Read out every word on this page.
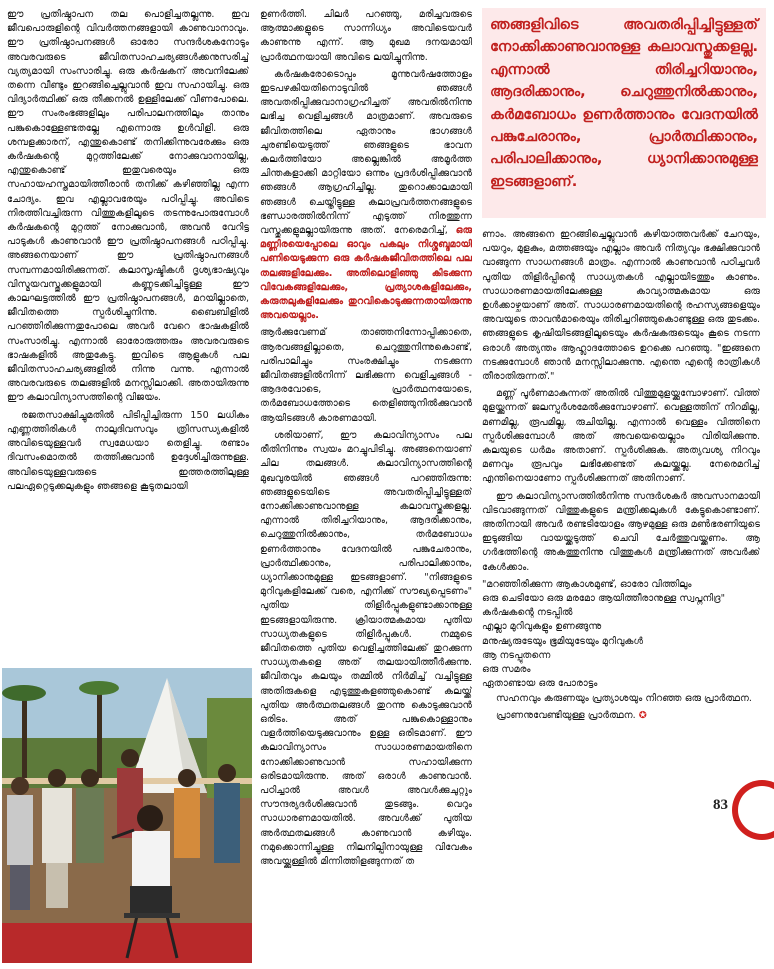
ഈ പ്രതിഷ്ഠാപന തല പൊളിച്ചതല്ലന്നു. ഇവ ജീവപൊരുളിന്റെ വിവർത്തനങ്ങളായി കാണുവാനാവും. ഈ പ്രതിഷ്ഠാപനങ്ങൾ ഓരോ സന്ദർശകനോടും അവരവരുടെ ജീവിതസാഹചര്യങ്ങൾക്കനുസരിച്ച് വ്യത്യമായി സംസാരിച്ചു. ഒരു കർഷകന് അവനിലേക്ക് തന്നെ വീണ്ടും ഇറങ്ങിച്ചെല്ലുവാൻ ഇവ സഹായിച്ചു. ഒരു വിദ്യാർത്ഥിക്ക് ഒരു തീക്കനൽ ഉള്ളിലേക്ക് വീണപോലെ. ഈ സംരംഭങ്ങളിലും പരിപാലനത്തിലും താനും പങ്കുകൊള്ളേണ്ടതല്ലേ എന്നൊരു ഉൾവിളി. ഒരു ശമ്പളക്കാരന്, എന്തുകൊണ്ട് തനിക്കിന്നുവരേക്കും ഒരു കർഷകന്റെ മുറ്റത്തിലേക്ക് നോക്കുവാനായില്ല, എന്തുകൊണ്ട് ഇതുവരെയും ഒരു സഹായഹസ്തമായിത്തീരാൻ തനിക്ക് കഴിഞ്ഞില്ല എന്ന ചോദ്യം. ഇവ എല്ലാവരേയും പഠിപ്പിച്ചു. അവിടെ നിരത്തിവച്ചിരുന്ന വിത്തുകളിലൂടെ തടന്നുപോരുമ്പോൾ കർഷകന്റെ മുറ്റത്ത് നോക്കുവാൻ, അവൻ വേറിട്ട പാടുകൾ കാണുവാൻ ഈ പ്രതിഷ്ഠാപനങ്ങൾ പഠിപ്പിച്ചു. അങ്ങനെയാണ് ഈ പ്രതിഷ്ഠാപനങ്ങൾ സമ്പന്നമായിരിക്കുന്നത്. കലാസൃഷ്ടികൾ ദൃശ്യഭാഷ്യവും വിസ്മയവസ്തുക്കളുമായി കണ്ണുടക്കിച്ചിട്ടുള്ള ഈ കാലഘട്ടത്തിൽ ഈ പ്രതിഷ്ഠാപനങ്ങൾ, മറയില്ലാതെ, ജീവിതത്തെ സ്പർശിച്ചുനിന്നു. ബൈബിളിൽ പറഞ്ഞിരിക്കുന്നതുപോലെ അവർ വേറെ ഭാഷകളിൽ സംസാരിച്ചു. എന്നാൽ ഓരോരുത്തരും അവരവരുടെ ഭാഷകളിൽ അതുകേട്ടു. ഇവിടെ ആളുകൾ പല ജീവിതസാഹചര്യങ്ങളിൽ നിന്നു വന്നു. എന്നാൽ അവരവരുടെ തലങ്ങളിൽ മനസ്സിലാക്കി. അതായിരുന്നു ഈ കലാവിന്യാസത്തിന്റെ വിജയം.

രജതസാക്ഷിച്ചുമതിൽ പിടിപ്പിച്ചിരുന്ന 150 ലധികം എണ്ണത്തിരികൾ നാലുദിവസവും ത്രിസന്ധ്യകളിൽ അവിടെയുള്ളവർ സ്വമേധയാ തെളിച്ചു. രണ്ടാം ദിവസംമൊതൽ തത്തിക്കുവാൻ ഉദ്ദേശിച്ചിരുന്നുള്ള. അവിടെയുള്ളവരുടെ ഇത്തരത്തിലുള്ള പലഏറ്റെടുക്കലുകളും ഞങ്ങളെ കൂടുതലായി

ഉണർത്തി. ചിലർ പറഞ്ഞു, മരിച്ചവരുടെ ആത്മാക്കളുടെ സാന്നിധ്യം അവിടെയവർ കാണുന്നു എന്ന്. ആ മുഖമ ദനയമായി പ്രാർത്ഥനയായി അവിടെ ലയിച്ചുനിന്നു.

കർഷകരോടൊപ്പം മൂന്നുവർഷത്തോളം ഇടപഴകിയതിനൊടുവിൽ ഞങ്ങൾ അവതരിപ്പിക്കുവാനാഗ്രഹിച്ചത് അവരിൽനിന്നു ലഭിച്ച വെളിച്ചങ്ങൾ മാത്രമാണ്. അവരുടെ ജീവിതത്തിലെ ഏതാനും ഭാഗങ്ങൾ ചുരണ്ടിയെടുത്ത് ഞങ്ങളുടെ ഭാവന കലർത്തിയോ അല്ലെങ്കിൽ അമൂർത്ത ചിന്തകളാക്കി മാറ്റിയോ ഒന്നും പ്രദർശിപ്പിക്കുവാൻ ഞങ്ങൾ ആഗ്രഹിച്ചില്ല. തുറൊക്കാലമായി ഞങ്ങൾ ചെയ്തിട്ടുള്ള കലാപ്രവർത്തനങ്ങളുടെ ഭണ്ഡാരത്തിൽനിന്ന് എടുത്ത് നിരത്തുന്ന വസ്തുക്കളുമല്ലായിരുന്നു അത്. നേരെമറിച്ച്, ഒരു മണ്ണിരയെപ്പോലെ ഓവും പകലും നിശ്ശബ്ദമായി പണിയെടുക്കുന്ന ഒരു കർഷകജീവിതത്തിലെ പല തലങ്ങളിലേക്കും. അതിലൊളിഞ്ഞു കിടക്കുന്ന വിവേകങ്ങളിലേക്കും, പ്രത്യാശകളിലേക്കും, കരുതലുകളിലേക്കും തുറവികൊടുക്കുന്നതായിരുന്നു അവയെല്ലാം.

ആർക്കുവേണമ് താഞ്ഞനിന്നോപ്പിക്കാതെ, ആരവങ്ങളില്ലാതെ, ചെറുത്തുനിന്നുകൊണ്ട്, പരിപാലിച്ചും സംരക്ഷിച്ചും നടക്കുന്ന ജീവിതങ്ങളിൽനിന്ന് ലഭിക്കുന്ന വെളിച്ചങ്ങൾ - ആദരവോടെ, പ്രാർത്ഥനയോടെ, തർമബോധത്തോടെ തെളിഞ്ഞുനിൽക്കുവാൻ ആയിടങ്ങൾ കാരണമായി.

ശരിയാണ്, ഈ കലാവിന്യാസം പല രീതിനിന്നും സ്വയം മറച്ചുപിടിച്ചു. അങ്ങനെയാണ് ചില തലങ്ങൾ. കലാവിന്യാസത്തിന്റെ മുഖവുരയിൽ ഞങ്ങൾ പറഞ്ഞിരുന്നു: ഞങ്ങളുടെയിടെ അവതരിപ്പിച്ചിട്ടുള്ളത് നോക്കിക്കാണുവാനുള്ള കലാവസ്തുക്കളല്ല. എന്നാൽ തിരിച്ചറിയാനും, ആദരിക്കാനും, ചെറുത്തുനിൽക്കാനും, തർമബോധം ഉണർത്താനും വേദനയിൽ പങ്കുചേരാനും, പ്രാർത്ഥിക്കാനും, പരിപാലിക്കാനും, ധ്യാനിക്കാനുമുള്ള ഇടങ്ങളാണ്. "നിങ്ങളുടെ മുറിവുകളിലേക്ക് വരെ, എനിക്ക് സൗഖ്യപ്പെടണം" പുതിയ തിളിർപ്പുകളുണ്ടാക്കാനുള്ള ഇടങ്ങളായിരുന്നു. ക്രിയാത്മകമായ പുതിയ സാധ്യതകളുടെ തിളിർപ്പുകൾ. നമ്മുടെ ജീവിതത്തെ പുതിയ വെളിച്ചത്തിലേക്ക് തുറക്കുന്ന സാധ്യതകളെ അത് തലയായിത്തീർക്കുന്നു. ജീവിതവും കലയും തമ്മിൽ നിർമിച്ച് വച്ചിട്ടുള്ള അതിരുകളെ എടുത്തുകളഞ്ഞുകൊണ്ട് കലയ്ക്ക് പുതിയ അർത്ഥതലങ്ങൾ തുറന്നു കൊടുക്കുവാൻ ഒരിടം. അത് പങ്കുകൊള്ളാനും വളർത്തിയെടുക്കുവാനും ഉള്ള ഒരിടമാണ്. ഈ കലാവിന്യാസം സാധാരണമായതിനെ നോക്കിക്കാണുവാൻ സഹായിക്കുന്ന ഒരിടമായിരുന്നു. അത് ഒരാൾ കാണുവാൻ. പഠിച്ചാൽ അവൾ അവൾക്കുചുറ്റും സൗന്ദര്യദർശിക്കുവാൻ തുടങ്ങും. വെറും സാധാരണമായതിൽ. അവൾക്ക് പുതിയ അർത്ഥതലങ്ങൾ കാണുവാൻ കഴിയും. നമുക്കൊന്നിച്ചുള്ള നിലനില്പിനായുള്ള വിവേകം അവയ്ക്കുള്ളിൽ മിന്നിത്തിളങ്ങുന്നത് ത

ഞങ്ങളിവിടെ അവതരിപ്പിച്ചിട്ടുള്ളത് നോക്കിക്കാണുവാനുള്ള കലാവസ്തുക്കളല്ല. എന്നാൽ തിരിച്ചറിയാനും, ആദരിക്കാനും, ചെറുത്തുനിൽക്കാനും, കർമബോധം ഉണർത്താനും വേദനയിൽ പങ്കുചേരാനും, പ്രാർത്ഥിക്കാനും, പരിപാലിക്കാനും, ധ്യാനിക്കാനുമുള്ള ഇടങ്ങളാണ്.

ണാം. അങ്ങനെ ഇറങ്ങിച്ചെല്ലുവാൻ കഴിയാത്തവർക്ക് ചേറയും, പയറും, മുളകും, മത്തങ്ങയും എല്ലാം അവർ നിത്യവും ഭക്ഷിക്കുവാൻ വാങ്ങുന്ന സാധനങ്ങൾ മാത്രം. എന്നാൽ കാണുവാൻ പഠിച്ചവർ പുതിയ തിളിർപ്പിന്റെ സാധ്യതകൾ എല്ലായിടത്തും കാണും. സാധാരണമായതിലേക്കുള്ള കാവ്യാത്മകമായ ഒരു ഉൾക്കാഴ്ചയാണ് അത്. സാധാരണമായതിന്റെ രഹസ്യങ്ങളെയും അവയുടെ താവൻമാരെയും തിരിച്ചറിഞ്ഞുകൊണ്ടുള്ള ഒരു തുടക്കം. ഞങ്ങളുടെ കൃഷിയിടങ്ങളിലൂടെയും കർഷകരുടെയും കൂടെ നടന്ന ഒരാൾ അത്യന്തം ആഹ്ലാദത്തോടെ ഉറക്കെ പറഞ്ഞു. "ഇങ്ങനെ നടക്കുമ്പോൾ ഞാൻ മനസ്സിലാക്കുന്നു. എന്തെ എന്റെ രാത്രികൾ തീരാതിരുന്നത്."

മണ്ണ് പൂർണമാകുന്നത് അതിൽ വിത്തുമുളയ്ക്കുമ്പോഴാണ്. വിത്ത് മുളയ്ക്കുന്നത് ജലസ്പർശമേൽക്കുമ്പോഴാണ്. വെള്ളത്തിന് നിറമില്ല, മണമില്ല, രൂപമില്ല, രുചിയില്ല. എന്നാൽ വെള്ളം വിത്തിനെ സ്പർശിക്കുമ്പോൾ അത് അവയെയെല്ലാം വിരിയിക്കുന്നു. കലയുടെ ധർമം അതാണ്. സ്പർശിക്കുക. അത്യവശ്യ നിറവും മണവും രൂപവും ലഭിക്കേണ്ടത് കലയ്ക്കല്ല. നേരെമറിച്ച് എന്തിനെയാണോ സ്പർശിക്കുന്നത് അതിനാണ്.

ഈ കലാവിന്യാസത്തിൽനിന്നു സന്ദർശകർ അവസാനമായി വിടവാങ്ങുന്നത് വിത്തുകളുടെ മന്ത്രിക്കലുകൾ കേട്ടുകൊണ്ടാണ്. അതിനായി അവർ രണ്ടടിയോളം ആഴമുള്ള ഒരു മൺഭരണിയുടെ ഇടുങ്ങിയ വായയ്ക്കടുത്ത് ചെവി ചേർത്തുവയ്ക്കണം. ആ ഗർഭത്തിന്റെ അകത്തുനിന്നു വിത്തുകൾ മന്ത്രിക്കുന്നത് അവർക്ക് കേൾക്കാം.

"മറഞ്ഞിരിക്കുന്ന ആകാശമുണ്ട്, ഓരോ വിത്തിലും

ഒരു ചെടിയോ ഒരു മരമോ ആയിത്തീരാനുള്ള സ്വപ്നനിദ്ര"

കർഷകന്റെ നടപ്പിൽ

എല്ലാ മുറിവുകളും ഉണങ്ങുന്നു

മനുഷ്യരുടേയും ഭൂമിയുടേയും മുറിവുകൾ

ആ നടപ്പുതന്നെ

ഒരു സമരം

ഏതാണ്ടായ ഒരു പോരാട്ടം

സഹനവും കരുണയും പ്രത്യാശയും നിറഞ്ഞ ഒരു പ്രാർത്ഥന.

പ്രാണനുവേണ്ടിയുള്ള പ്രാർത്ഥന. ✪

83
